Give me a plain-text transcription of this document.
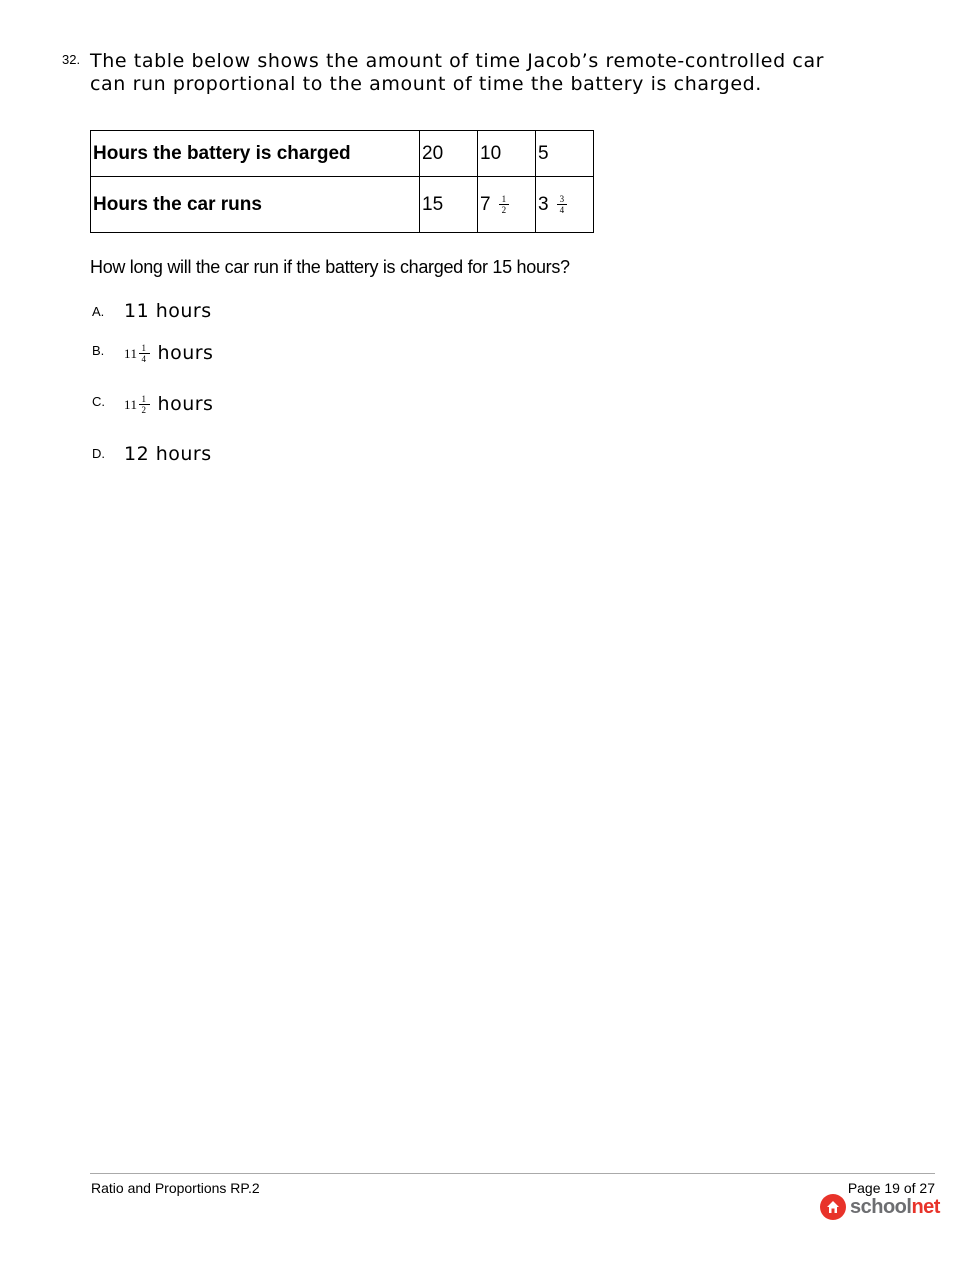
32. The table below shows the amount of time Jacob’s remote-controlled car
can run proportional to the amount of time the battery is charged.
Hours the battery is charged	20	10	5
Hours the car runs	15	$7 \frac{1}{2}$	$3 \frac{3}{4}$
How long will the car run if the battery is charged for 15 hours?
A. 11 hours
B. $11 \frac{1}{4}$ hours
C. $11 \frac{1}{2}$ hours
D. 12 hours
Ratio and Proportions RP.2	Page 19 of 27
schoolnet
